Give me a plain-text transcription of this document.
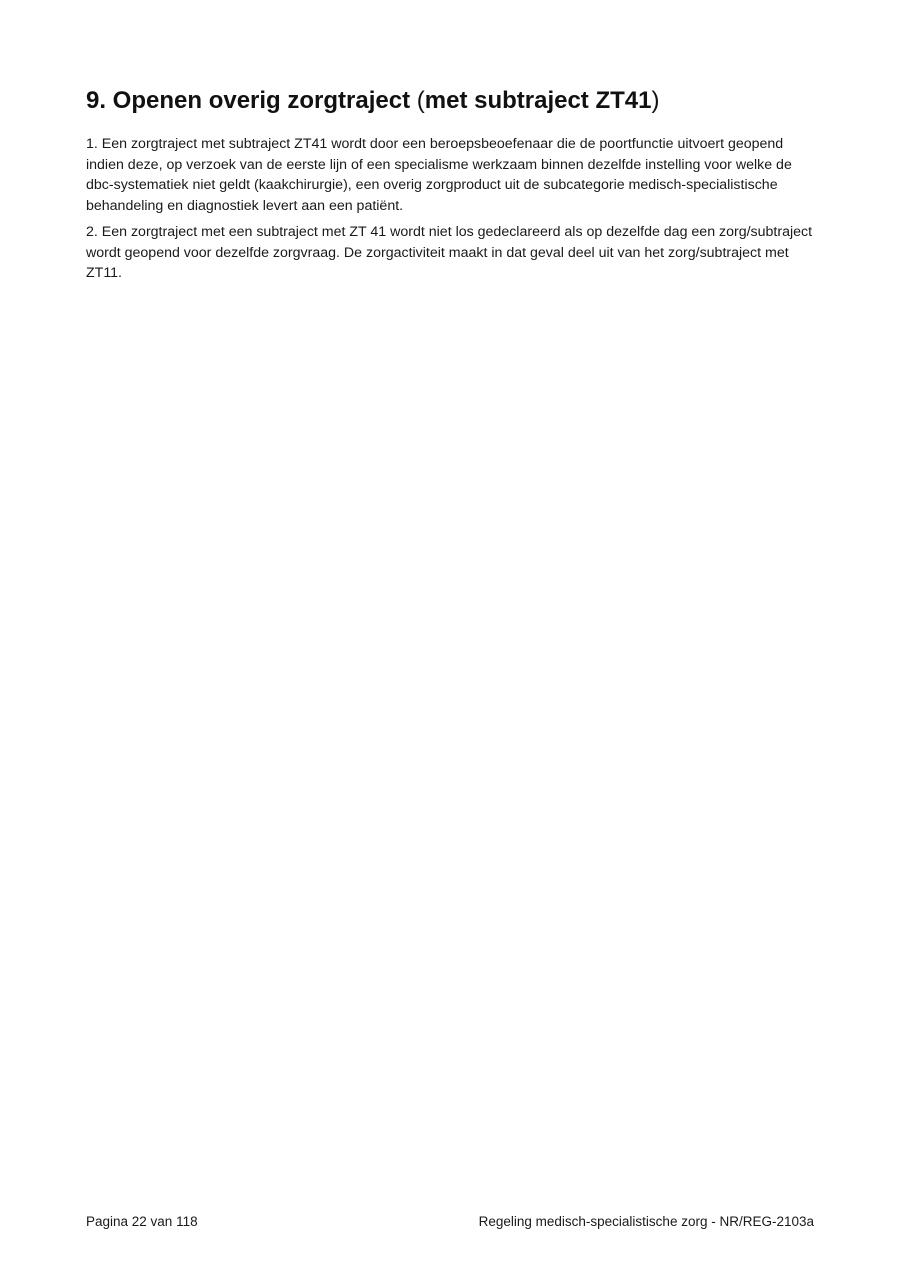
9. Openen overig zorgtraject (met subtraject ZT41)

1. Een zorgtraject met subtraject ZT41 wordt door een beroepsbeoefenaar die de poortfunctie uitvoert geopend indien deze, op verzoek van de eerste lijn of een specialisme werkzaam binnen dezelfde instelling voor welke de dbc-systematiek niet geldt (kaakchirurgie), een overig zorgproduct uit de subcategorie medisch-specialistische behandeling en diagnostiek levert aan een patiënt.

2. Een zorgtraject met een subtraject met ZT 41 wordt niet los gedeclareerd als op dezelfde dag een zorg/subtraject wordt geopend voor dezelfde zorgvraag. De zorgactiviteit maakt in dat geval deel uit van het zorg/subtraject met ZT11.

Pagina 22 van 118	Regeling medisch-specialistische zorg - NR/REG-2103a
